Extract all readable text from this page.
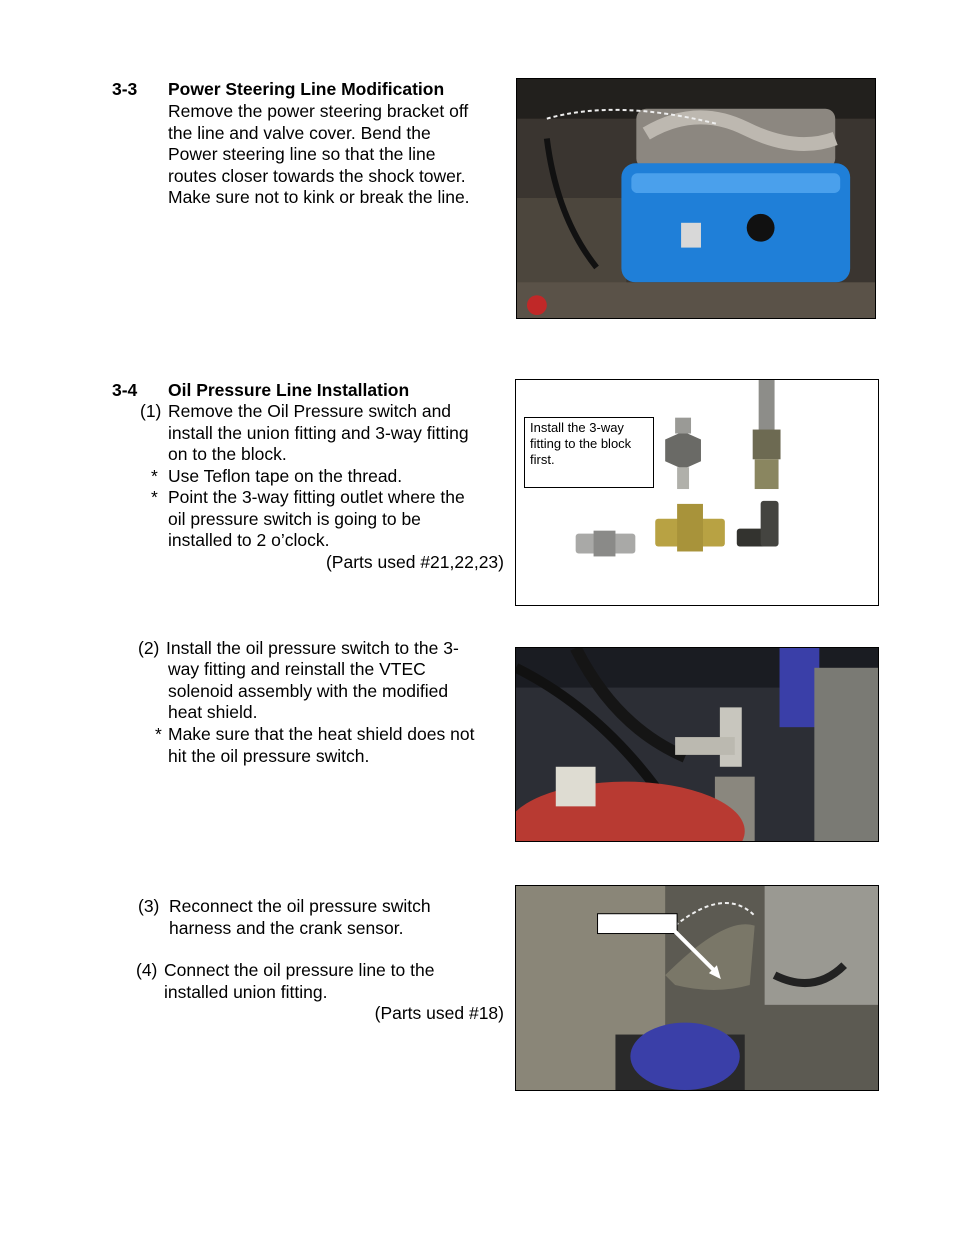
3-3 Power Steering Line Modification
Remove the power steering bracket off
the line and valve cover. Bend the
Power steering line so that the line
routes closer towards the shock tower.
Make sure not to kink or break the line.
3-4 Oil Pressure Line Installation
(1) Remove the Oil Pressure switch and
install the union fitting and 3-way fitting
on to the block.
* Use Teflon tape on the thread.
* Point the 3-way fitting outlet where the
oil pressure switch is going to be
installed to 2 o’clock.
(Parts used #21,22,23)
Install the 3-way fitting to the block first.
(2) Install the oil pressure switch to the 3-
way fitting and reinstall the VTEC
solenoid assembly with the modified
heat shield.
* Make sure that the heat shield does not
hit the oil pressure switch.
(3) Reconnect the oil pressure switch
harness and the crank sensor.
(4) Connect the oil pressure line to the
installed union fitting.
(Parts used #18)
